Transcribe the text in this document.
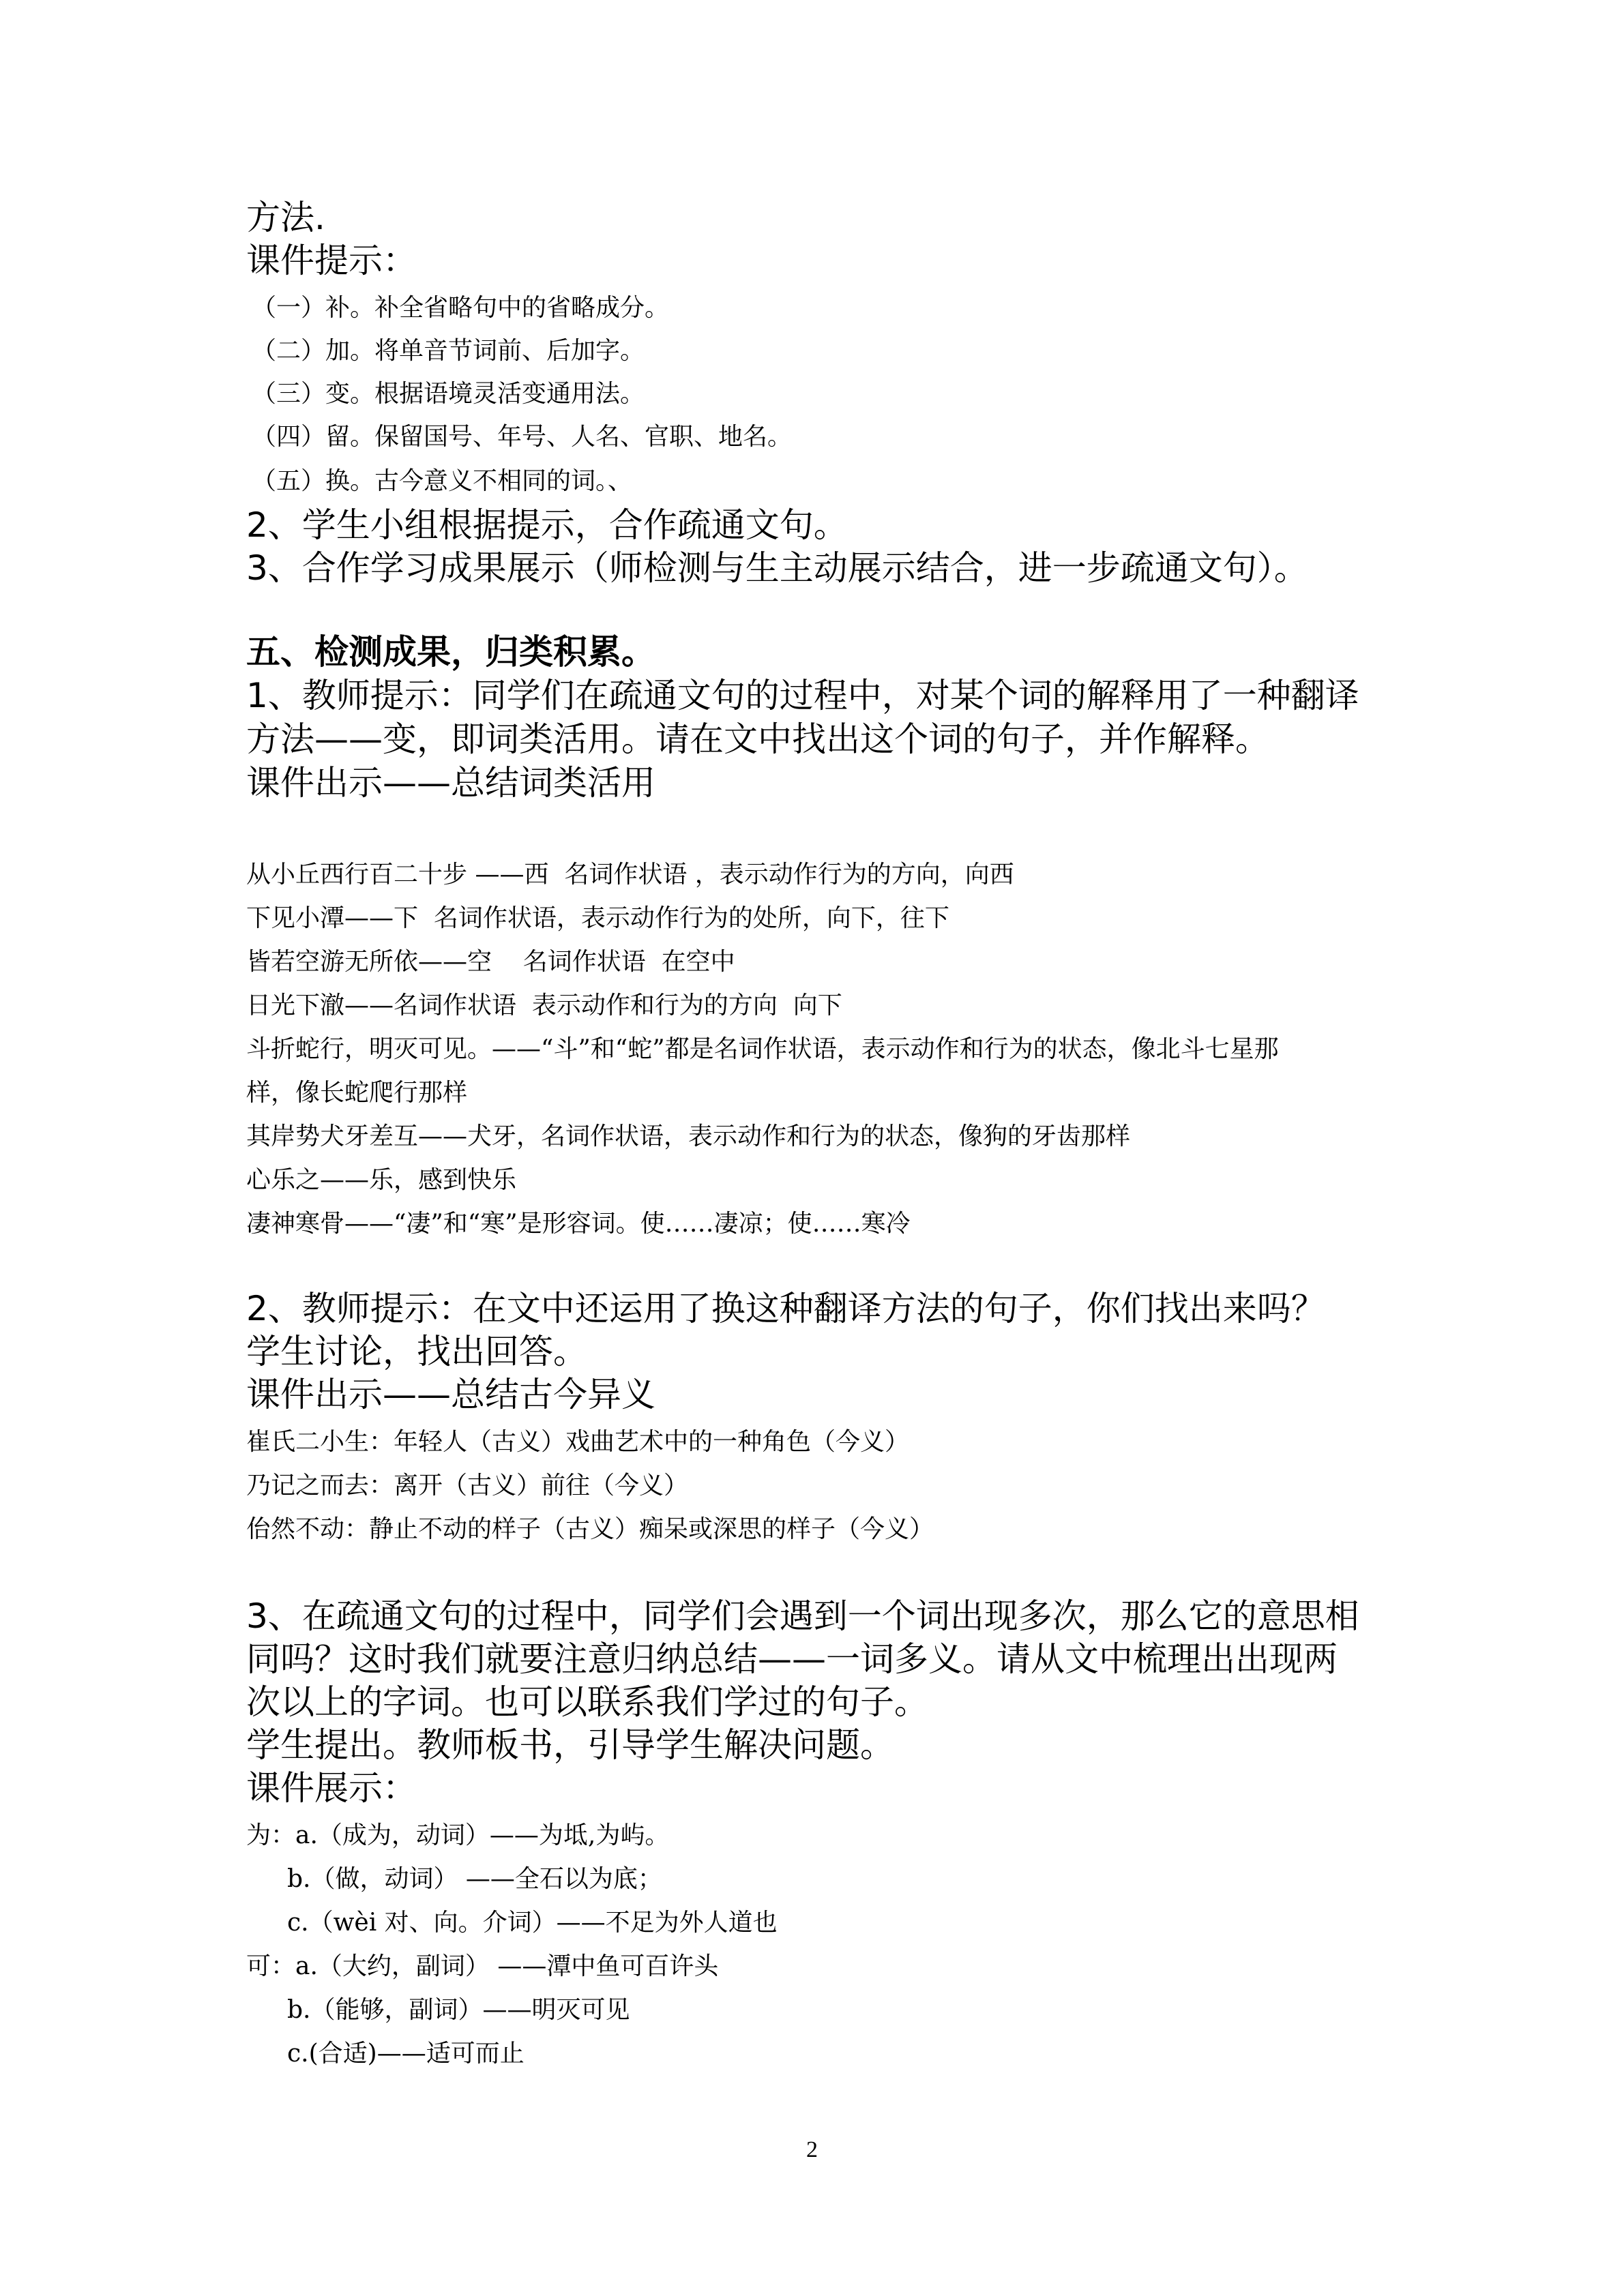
方法.
课件提示：
（一）补。补全省略句中的省略成分。
（二）加。将单音节词前、后加字。
（三）变。根据语境灵活变通用法。
（四）留。保留国号、年号、人名、官职、地名。
（五）换。古今意义不相同的词。、
2、学生小组根据提示，合作疏通文句。
3、合作学习成果展示（师检测与生主动展示结合，进一步疏通文句）。
五、检测成果，归类积累。
1、教师提示：同学们在疏通文句的过程中，对某个词的解释用了一种翻译
方法——变，即词类活用。请在文中找出这个词的句子，并作解释。
课件出示——总结词类活用
从小丘西行百二十步 ——西  名词作状语 ，表示动作行为的方向，向西
下见小潭——下  名词作状语，表示动作行为的处所，向下，往下
皆若空游无所依——空    名词作状语  在空中
日光下澈——名词作状语  表示动作和行为的方向  向下
斗折蛇行，明灭可见。——“斗”和“蛇”都是名词作状语，表示动作和行为的状态，像北斗七星那
样，像长蛇爬行那样
其岸势犬牙差互——犬牙，名词作状语，表示动作和行为的状态，像狗的牙齿那样
心乐之——乐，感到快乐
凄神寒骨——“凄”和“寒”是形容词。使……凄凉；使……寒冷
2、教师提示：在文中还运用了换这种翻译方法的句子，你们找出来吗？
学生讨论，找出回答。
课件出示——总结古今异义
崔氏二小生：年轻人（古义）戏曲艺术中的一种角色（今义）
乃记之而去：离开（古义）前往（今义）
佁然不动：静止不动的样子（古义）痴呆或深思的样子（今义）
3、在疏通文句的过程中，同学们会遇到一个词出现多次，那么它的意思相
同吗？这时我们就要注意归纳总结——一词多义。请从文中梳理出出现两
次以上的字词。也可以联系我们学过的句子。
学生提出。教师板书，引导学生解决问题。
课件展示：
为：a.（成为，动词）——为坻,为屿。
b.（做，动词） ——全石以为底；
c.（wèi 对、向。介词）——不足为外人道也
可：a.（大约，副词） ——潭中鱼可百许头
b.（能够，副词）——明灭可见
c.(合适)——适可而止
2
